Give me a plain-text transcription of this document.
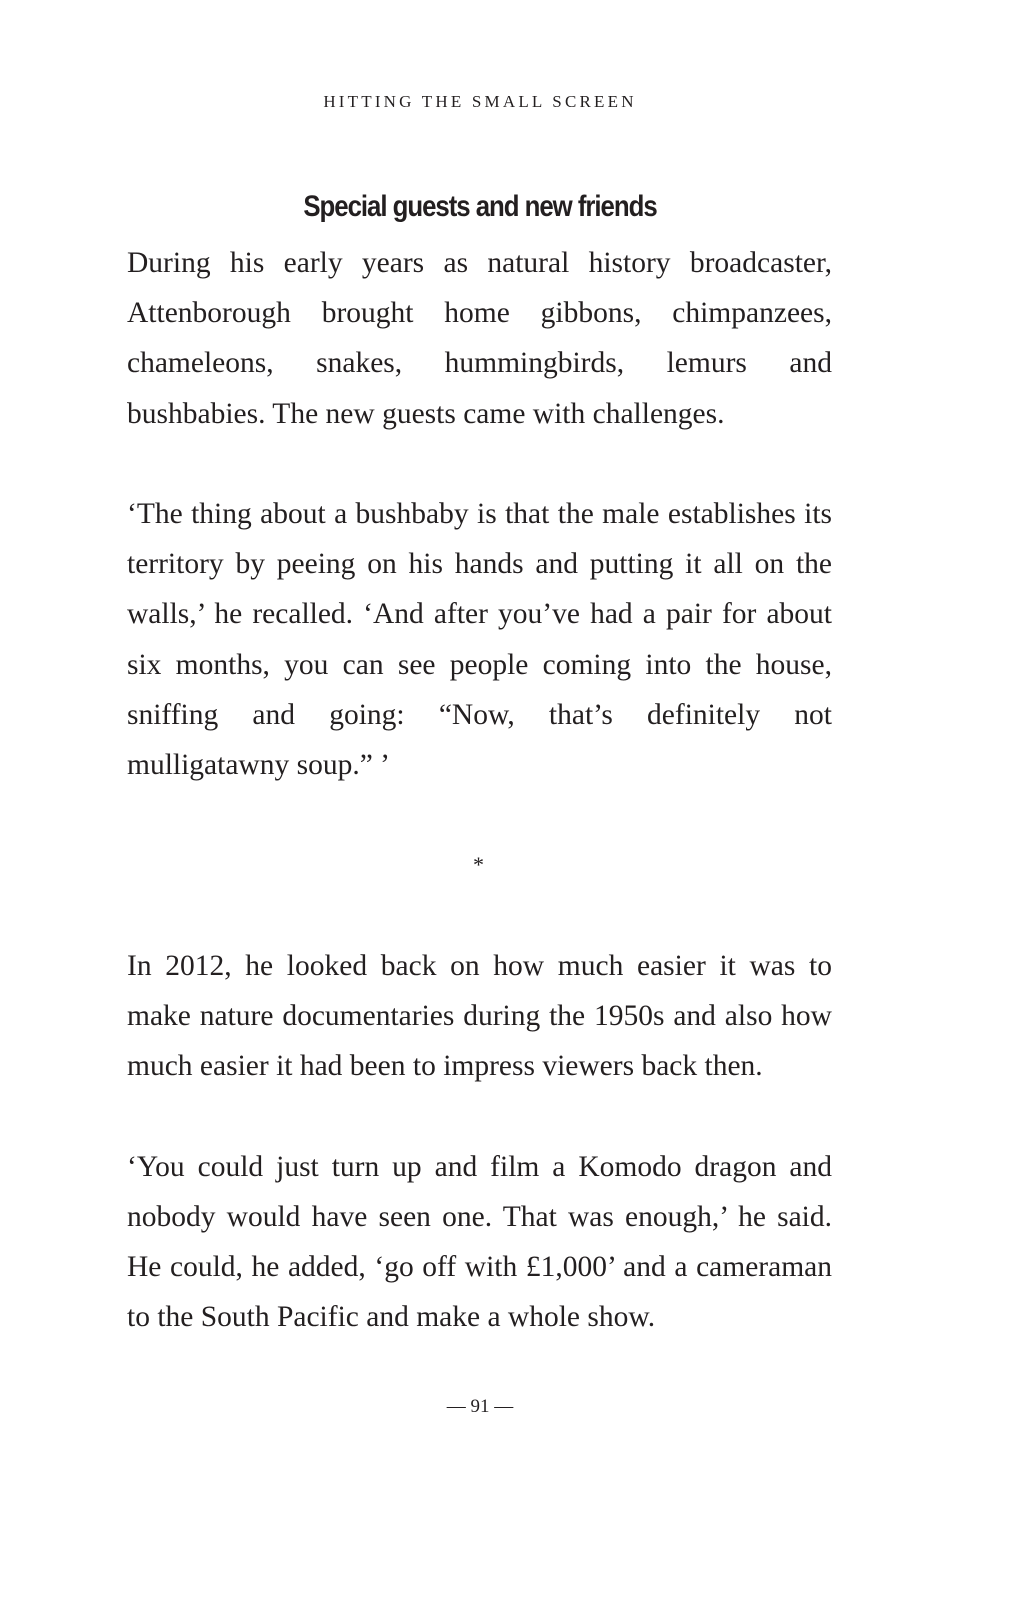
HITTING THE SMALL SCREEN
Special guests and new friends

During his early years as natural history broadcaster, Attenborough brought home gibbons, chimpanzees, chameleons, snakes, hummingbirds, lemurs and bushbabies. The new guests came with challenges.

‘The thing about a bushbaby is that the male establishes its territory by peeing on his hands and putting it all on the walls,’ he recalled. ‘And after you’ve had a pair for about six months, you can see people coming into the house, sniffing and going: “Now, that’s definitely not mulligatawny soup.” ’

*

In 2012, he looked back on how much easier it was to make nature documentaries during the 1950s and also how much easier it had been to impress viewers back then.

‘You could just turn up and film a Komodo dragon and nobody would have seen one. That was enough,’ he said. He could, he added, ‘go off with £1,000’ and a cameraman to the South Pacific and make a whole show.

— 91 —
